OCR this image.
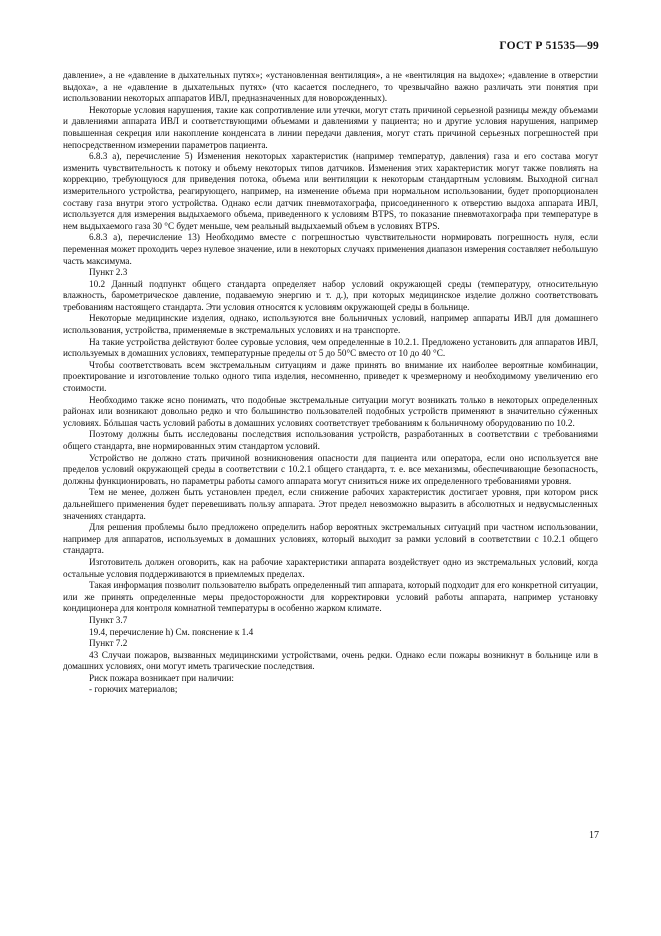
ГОСТ Р 51535—99

давление», а не «давление в дыхательных путях»; «установленная вентиляция», а не «вентиляция на выдохе»; «давление в отверстии выдоха», а не «давление в дыхательных путях» (что касается последнего, то чрезвычайно важно различать эти понятия при использовании некоторых аппаратов ИВЛ, предназначенных для новорожденных).

Некоторые условия нарушения, такие как сопротивление или утечки, могут стать причиной серьезной разницы между объемами и давлениями аппарата ИВЛ и соответствующими объемами и давлениями у пациента; но и другие условия нарушения, например повышенная секреция или накопление конденсата в линии передачи давления, могут стать причиной серьезных погрешностей при непосредственном измерении параметров пациента.

6.8.3 а), перечисление 5) Изменения некоторых характеристик (например температур, давления) газа и его состава могут изменить чувствительность к потоку и объему некоторых типов датчиков. Изменения этих характеристик могут также повлиять на коррекцию, требующуюся для приведения потока, объема или вентиляции к некоторым стандартным условиям. Выходной сигнал измерительного устройства, реагирующего, например, на изменение объема при нормальном использовании, будет пропорционален составу газа внутри этого устройства. Однако если датчик пневмотахографа, присоединенного к отверстию выдоха аппарата ИВЛ, используется для измерения выдыхаемого объема, приведенного к условиям BTPS, то показание пневмотахографа при температуре в нем выдыхаемого газа 30 °С будет меньше, чем реальный выдыхаемый объем в условиях BTPS.

6.8.3 а), перечисление 13) Необходимо вместе с погрешностью чувствительности нормировать погрешность нуля, если переменная может проходить через нулевое значение, или в некоторых случаях применения диапазон измерения составляет небольшую часть максимума.

Пункт 2.3

10.2 Данный подпункт общего стандарта определяет набор условий окружающей среды (температуру, относительную влажность, барометрическое давление, подаваемую энергию и т. д.), при которых медицинское изделие должно соответствовать требованиям настоящего стандарта. Эти условия относятся к условиям окружающей среды в больнице.

Некоторые медицинские изделия, однако, используются вне больничных условий, например аппараты ИВЛ для домашнего использования, устройства, применяемые в экстремальных условиях и на транспорте.

На такие устройства действуют более суровые условия, чем определенные в 10.2.1. Предложено установить для аппаратов ИВЛ, используемых в домашних условиях, температурные пределы от 5 до 50°С вместо от 10 до 40 °С.

Чтобы соответствовать всем экстремальным ситуациям и даже принять во внимание их наиболее вероятные комбинации, проектирование и изготовление только одного типа изделия, несомненно, приведет к чрезмерному и необходимому увеличению его стоимости.

Необходимо также ясно понимать, что подобные экстремальные ситуации могут возникать только в некоторых определенных районах или возникают довольно редко и что большинство пользователей подобных устройств применяют в значительно сýженных условиях. Бóльшая часть условий работы в домашних условиях соответствует требованиям к больничному оборудованию по 10.2.

Поэтому должны быть исследованы последствия использования устройств, разработанных в соответствии с требованиями общего стандарта, вне нормированных этим стандартом условий.

Устройство не должно стать причиной возникновения опасности для пациента или оператора, если оно используется вне пределов условий окружающей среды в соответствии с 10.2.1 общего стандарта, т. е. все механизмы, обеспечивающие безопасность, должны функционировать, но параметры работы самого аппарата могут снизиться ниже их определенного требованиями уровня.

Тем не менее, должен быть установлен предел, если снижение рабочих характеристик достигает уровня, при котором риск дальнейшего применения будет перевешивать пользу аппарата. Этот предел невозможно выразить в абсолютных и недвусмысленных значениях стандарта.

Для решения проблемы было предложено определить набор вероятных экстремальных ситуаций при частном использовании, например для аппаратов, используемых в домашних условиях, который выходит за рамки условий в соответствии с 10.2.1 общего стандарта.

Изготовитель должен оговорить, как на рабочие характеристики аппарата воздействует одно из экстремальных условий, когда остальные условия поддерживаются в приемлемых пределах.

Такая информация позволит пользователю выбрать определенный тип аппарата, который подходит для его конкретной ситуации, или же принять определенные меры предосторожности для корректировки условий работы аппарата, например установку кондиционера для контроля комнатной температуры в особенно жарком климате.

Пункт 3.7

19.4, перечисление h) См. пояснение к 1.4

Пункт 7.2

43 Случаи пожаров, вызванных медицинскими устройствами, очень редки. Однако если пожары возникнут в больнице или в домашних условиях, они могут иметь трагические последствия.

Риск пожара возникает при наличии:

- горючих материалов;

17
